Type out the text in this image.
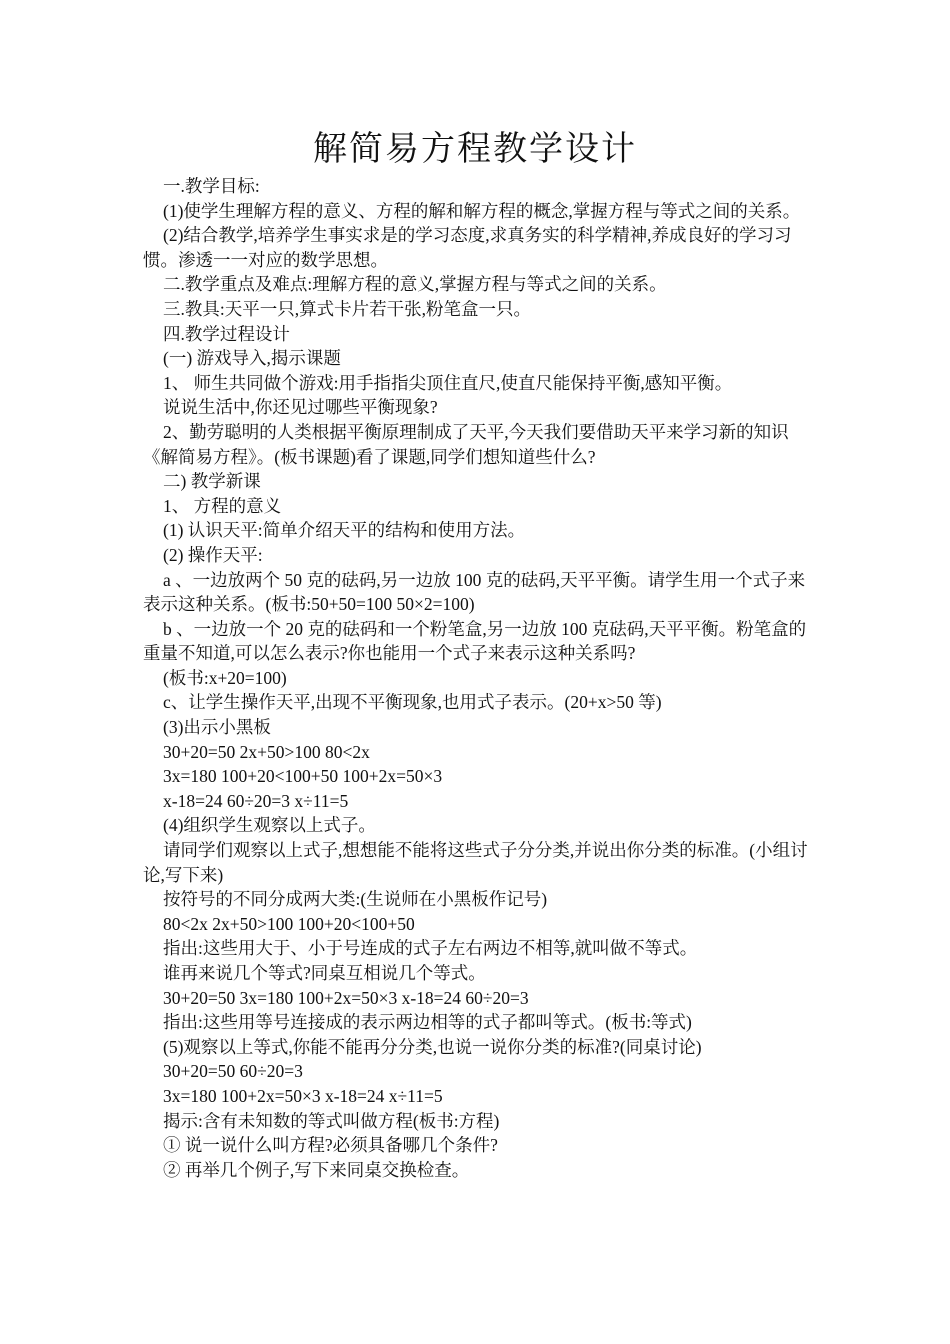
解简易方程教学设计

一.教学目标:

(1)使学生理解方程的意义、方程的解和解方程的概念,掌握方程与等式之间的关系。

(2)结合教学,培养学生事实求是的学习态度,求真务实的科学精神,养成良好的学习习惯。渗透一一对应的数学思想。

二.教学重点及难点:理解方程的意义,掌握方程与等式之间的关系。

三.教具:天平一只,算式卡片若干张,粉笔盒一只。

四.教学过程设计

(一) 游戏导入,揭示课题

1、 师生共同做个游戏:用手指指尖顶住直尺,使直尺能保持平衡,感知平衡。

说说生活中,你还见过哪些平衡现象?

2、勤劳聪明的人类根据平衡原理制成了天平,今天我们要借助天平来学习新的知识《解简易方程》。(板书课题)看了课题,同学们想知道些什么?

二) 教学新课

1、 方程的意义

(1) 认识天平:简单介绍天平的结构和使用方法。

(2) 操作天平:

a 、一边放两个 50 克的砝码,另一边放 100 克的砝码,天平平衡。请学生用一个式子来表示这种关系。(板书:50+50=100 50×2=100)

b 、一边放一个 20 克的砝码和一个粉笔盒,另一边放 100 克砝码,天平平衡。粉笔盒的重量不知道,可以怎么表示?你也能用一个式子来表示这种关系吗?

(板书:x+20=100)

c、让学生操作天平,出现不平衡现象,也用式子表示。(20+x>50 等)

(3)出示小黑板

30+20=50 2x+50>100 80<2x

3x=180 100+20<100+50 100+2x=50×3

x-18=24 60÷20=3 x÷11=5

(4)组织学生观察以上式子。

请同学们观察以上式子,想想能不能将这些式子分分类,并说出你分类的标准。(小组讨论,写下来)

按符号的不同分成两大类:(生说师在小黑板作记号)

80<2x 2x+50>100 100+20<100+50

指出:这些用大于、小于号连成的式子左右两边不相等,就叫做不等式。

谁再来说几个等式?同桌互相说几个等式。

30+20=50 3x=180 100+2x=50×3 x-18=24 60÷20=3

指出:这些用等号连接成的表示两边相等的式子都叫等式。(板书:等式)

(5)观察以上等式,你能不能再分分类,也说一说你分类的标准?(同桌讨论)

30+20=50 60÷20=3

3x=180 100+2x=50×3 x-18=24 x÷11=5

揭示:含有未知数的等式叫做方程(板书:方程)

① 说一说什么叫方程?必须具备哪几个条件?

② 再举几个例子,写下来同桌交换检查。
